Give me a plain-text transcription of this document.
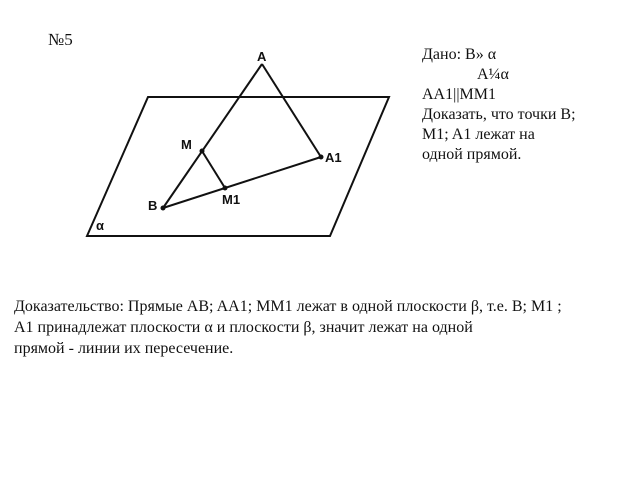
№5
Дано: B» α
A¼α
AA1||MM1
Доказать, что точки B;
M1; A1 лежат на
одной прямой.
A
M
A1
M1
B
α
Доказательство: Прямые AB; AA1; MM1 лежат в одной плоскости β, т.е. B; M1 ;
A1 принадлежат плоскости α и плоскости β, значит лежат на одной
прямой - линии их пересечение.
